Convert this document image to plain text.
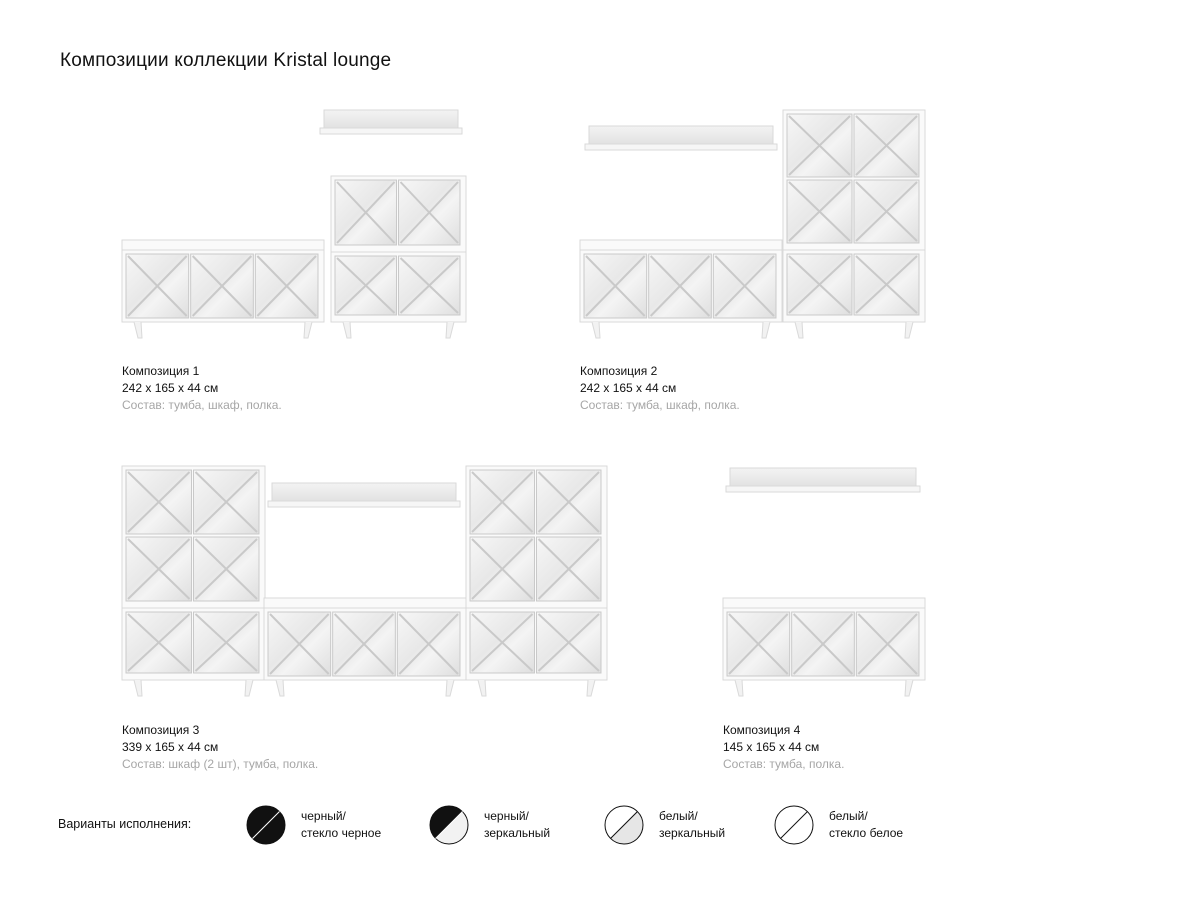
Композиции коллекции Kristal lounge
Композиция 1
242 х 165 х 44 см
Состав: тумба, шкаф, полка.
Композиция 2
242 х 165 х 44 см
Состав: тумба, шкаф, полка.
Композиция 3
339 х 165 х 44 см
Состав: шкаф (2 шт), тумба, полка.
Композиция 4
145 х 165 х 44 см
Состав: тумба, полка.
Варианты исполнения:
черный/
стекло черное
черный/
зеркальный
белый/
зеркальный
белый/
стекло белое
